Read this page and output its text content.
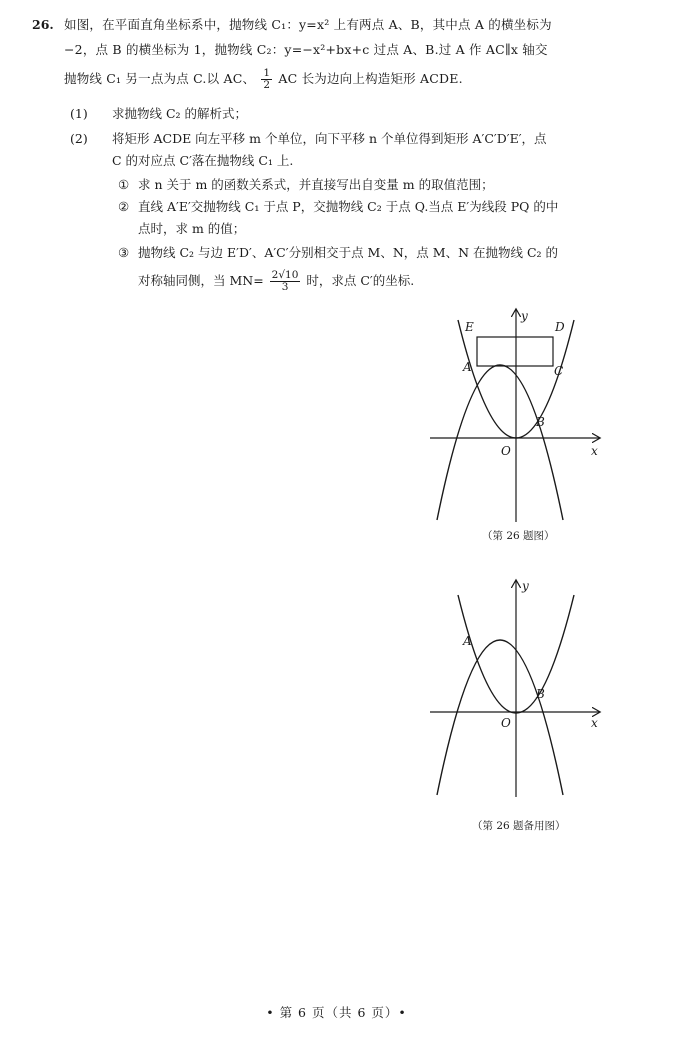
26. 如图，在平面直角坐标系中，抛物线 C₁：y=x² 上有两点 A、B，其中点 A 的横坐标为
−2，点 B 的横坐标为 1，抛物线 C₂：y=−x²+bx+c 过点 A、B.过 A 作 AC∥x 轴交
抛物线 C₁ 另一点为点 C.以 AC、 $\frac{1}{2}$ AC 长为边向上构造矩形 ACDE.
(1) 求抛物线 C₂ 的解析式；
(2) 将矩形 ACDE 向左平移 m 个单位，向下平移 n 个单位得到矩形 A′C′D′E′，点
C 的对应点 C′落在抛物线 C₁ 上.
① 求 n 关于 m 的函数关系式，并直接写出自变量 m 的取值范围；
② 直线 A′E′交抛物线 C₁ 于点 P，交抛物线 C₂ 于点 Q.当点 E′为线段 PQ 的中
点时，求 m 的值；
③ 抛物线 C₂ 与边 E′D′、A′C′分别相交于点 M、N，点 M、N 在抛物线 C₂ 的
对称轴同侧，当 $MN= \frac{2√10}{3}$ 时，求点 C′的坐标.
E	D
A	C
B
O	x
y
（第 26 题图）
A
B
O	x
y
（第 26 题备用图）
• 第 6 页（共 6 页）•
